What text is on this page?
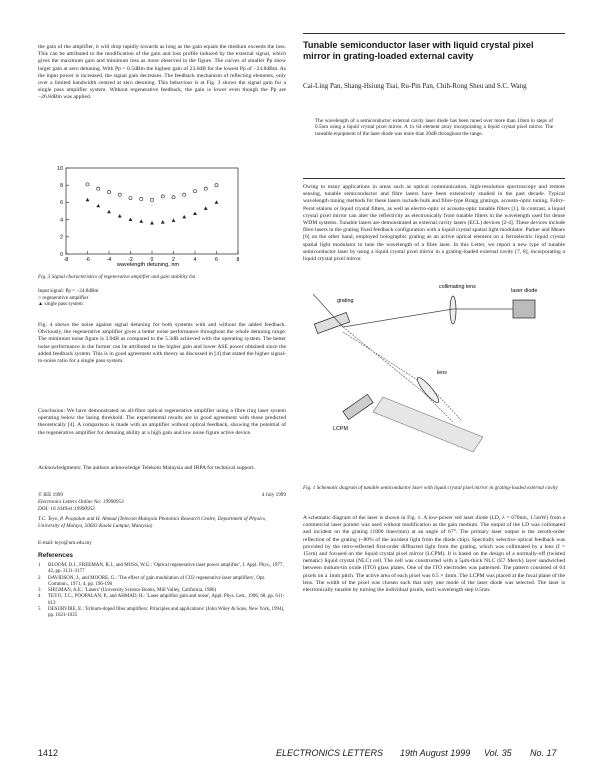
the gain of the amplifier, it will drop rapidly towards as long as the gain equals the medium exceeds the loss. This can be attributed to the modification of the gain and loss profile induced by the external signal, which gives the maximum gain and minimum loss as more observed in the figure. The curves of smaller Pp show larger gain at zero detuning. With Pp = 0.5dBm the highest gain of 23.0dB for the lowest Pp of −24.8dBm. As the input power is increased, the signal gain decreases. The feedback mechanism of reflecting elements, only over a limited bandwidth centred at zero detuning. This behaviour is at Fig. 3 shows the signal gain for a single pass amplifier system. Without regenerative feedback, the gain is lower even though the Pp are −26.8dBm was applied.
-8	-6	-4	-2	0	2	4	6	8
0
2
4
6
8
10
wavelength detuning, nm
Fig. 3 Signal characteristics of regenerative amplifier and gain stability list
Input signal: Pp = −24.8dBm
○ regenerative amplifier
▲ single pass system
Fig. 4 shows the noise against signal detuning for both systems with and without the added feedback. Obviously, the regenerative amplifier gives a better noise performance throughout the whole detuning range. The minimum noise figure is 3.0dB as compared to the 5.3dB achieved with the operating system. The better noise performance in the former can be attributed to the higher gain and lower ASE power obtained since the added feedback system. This is in good agreement with theory as discussed in [4] that stated the higher signal-to-noise ratio for a single pass system.
Conclusion: We have demonstrated an all-fibre optical regenerative amplifier using a fibre ring laser system operating below the lasing threshold. The experimental results are in good agreement with those predicted theoretically [4]. A comparison is made with an amplifier without optical feedback, showing the potential of the regenerative amplifier for detuning ability at a high gain and low noise figure active device.
Acknowledgments: The authors acknowledge Telekom Malaysia and IRPA for technical support.
© IEE 1999	4 July 1999
Electronics Letters Online No: 19990953
DOI: 10.1049/el:19990953
T.C. Teyo, P. Poopalan and H. Ahmad (Telecom Malaysia Photonics Research Centre, Department of Physics, University of Malaya, 50603 Kuala Lumpur, Malaysia)
E-mail: teyo@um.edu.my
References
1	BLOOM, D.J., FREEMAN, R.J., and MOSS, W.G.: 'Optical regenerative laser power amplifier', J. Appl. Phys., 1977, 42, pp. 3131-3177
2	DAVIDSON, J., and MOORE, G.: 'The effect of gain modulation of CO2 regenerative laser amplifiers', Opt. Commun., 1971, 4, pp. 196-198
3	SIEGMAN, A.E.: 'Lasers' (University Science Books, Mill Valley, California, 1986)
4	TEYO, T.C., POOPALAN, P., and AHMAD, H.: 'Laser amplifier gain and noise', Appl. Phys. Lett., 1996, 68, pp. 611-613
5	DESURVIRE, E.: 'Erbium-doped fiber amplifiers: Principles and applications' (John Wiley & Sons, New York, 1994), pp. 1021-1035
Tunable semiconductor laser with liquid crystal pixel mirror in grating-loaded external cavity
Cai-Ling Pan, Shang-Hsiung Tsai, Ru-Pin Pan, Chih-Rong Sheu and S.C. Wang
The wavelength of a semiconductor external cavity laser diode has been tuned over more than 10nm in steps of 0.5nm using a liquid crystal pixel mirror. A 1x 64 element array incorporating a liquid crystal pixel mirror. The tuneable equipment of the laser diode was more than 20dB throughout the range.
Owing to many applications in areas such as optical communication, high-resolution spectroscopy and remote sensing, tunable semiconductor and fibre lasers have been extensively studied in the past decade. Typical wavelength tuning methods for these lasers include bulk and fibre-type Bragg gratings, acousto-optic tuning, Fabry-Perot etalons or liquid crystal filters, as well as electro-optic or acousto-optic tunable filters [1]. In contrast, a liquid crystal pixel mirror can alter the reflectivity as electronically from tunable filters in the wavelength used for dense WDM systems. Tunable lasers are demonstrated as external cavity lasers (ECL) devices [2-4]. These devices include fibre lasers in the grating fixed feedback configuration with a liquid crystal spatial light modulator. Parker and Mears [6] on the other hand, employed holographic grating as an active optical element on a ferroelectric liquid crystal spatial light modulator to tune the wavelength of a fibre laser. In this Letter, we report a new type of tunable semiconductor laser by using a liquid crystal pixel mirror in a grating-loaded external cavity [7, 8], incorporating a liquid crystal pixel mirror.
grating
collimating lens
laser diode
lens
LCPM
Fig. 1 Schematic diagram of tunable semiconductor laser with liquid crystal pixel mirror in grating-loaded external cavity
A schematic diagram of the laser is shown in Fig. 1. A low-power red laser diode (LD, λ = 670nm, 1.5mW) from a commercial laser pointer was used without modification as the gain medium. The output of the LD was collimated and incident on the grating (1800 lines/mm) at an angle of 67°. The primary laser output is the zeroth-order reflection of the grating (~80% of the incident light from the diode chip). Spectrally selective optical feedback was provided by the retro-reflected first-order diffracted light from the grating, which was collimated by a lens (f = 15cm) and focused on the liquid crystal pixel mirror (LCPM). It is based on the design of a normally-off (twisted nematic) liquid crystal (NLC) cell. The cell was constructed with a 5μm-thick NLC (E7 Merck) layer sandwiched between indium-tin oxide (ITO) glass plates. One of the ITO electrodes was patterned. The pattern consisted of 64 pixels on a 1mm pitch. The active area of each pixel was 0.5 × 4mm. The LCPM was placed at the focal plane of the lens. The width of the pixel was chosen such that only one mode of the laser diode was selected. The laser is electronically tunable by turning the individual pixels, each wavelength step 0.5nm.
1412	ELECTRONICS LETTERS 19th August 1999 Vol. 35 No. 17
